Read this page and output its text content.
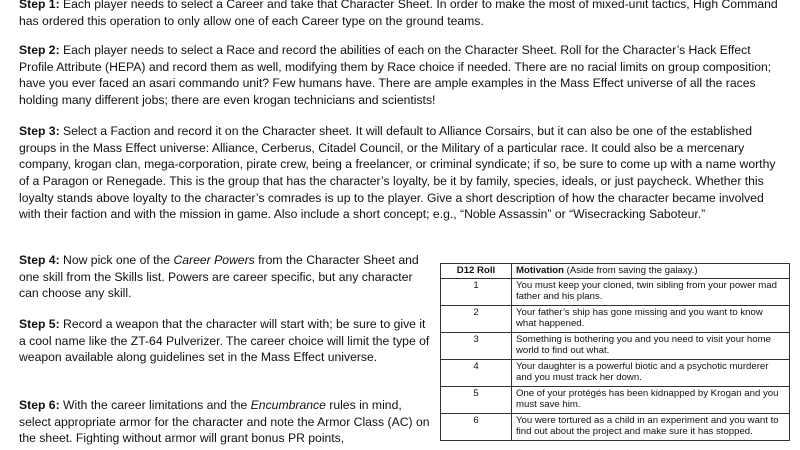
Step 1: Each player needs to select a Career and take that Character Sheet. In order to make the most of mixed-unit tactics, High Command has ordered this operation to only allow one of each Career type on the ground teams.

Step 2: Each player needs to select a Race and record the abilities of each on the Character Sheet. Roll for the Character’s Hack Effect Profile Attribute (HEPA) and record them as well, modifying them by Race choice if needed. There are no racial limits on group composition; have you ever faced an asari commando unit? Few humans have. There are ample examples in the Mass Effect universe of all the races holding many different jobs; there are even krogan technicians and scientists!

Step 3: Select a Faction and record it on the Character sheet. It will default to Alliance Corsairs, but it can also be one of the established groups in the Mass Effect universe: Alliance, Cerberus, Citadel Council, or the Military of a particular race. It could also be a mercenary company, krogan clan, mega-corporation, pirate crew, being a freelancer, or criminal syndicate; if so, be sure to come up with a name worthy of a Paragon or Renegade. This is the group that has the character’s loyalty, be it by family, species, ideals, or just paycheck. Whether this loyalty stands above loyalty to the character’s comrades is up to the player. Give a short description of how the character became involved with their faction and with the mission in game. Also include a short concept; e.g., “Noble Assassin” or “Wisecracking Saboteur.”

Step 4: Now pick one of the Career Powers from the Character Sheet and one skill from the Skills list. Powers are career specific, but any character can choose any skill.

Step 5: Record a weapon that the character will start with; be sure to give it a cool name like the ZT-64 Pulverizer. The career choice will limit the type of weapon available along guidelines set in the Mass Effect universe.

Step 6: With the career limitations and the Encumbrance rules in mind, select appropriate armor for the character and note the Armor Class (AC) on the sheet. Fighting without armor will grant bonus PR points,

D12 Roll	Motivation (Aside from saving the galaxy.)
1	You must keep your cloned, twin sibling from your power mad father and his plans.
2	Your father’s ship has gone missing and you want to know what happened.
3	Something is bothering you and you need to visit your home world to find out what.
4	Your daughter is a powerful biotic and a psychotic murderer and you must track her down.
5	One of your protégés has been kidnapped by Krogan and you must save him.
6	You were tortured as a child in an experiment and you want to find out about the project and make sure it has stopped.
